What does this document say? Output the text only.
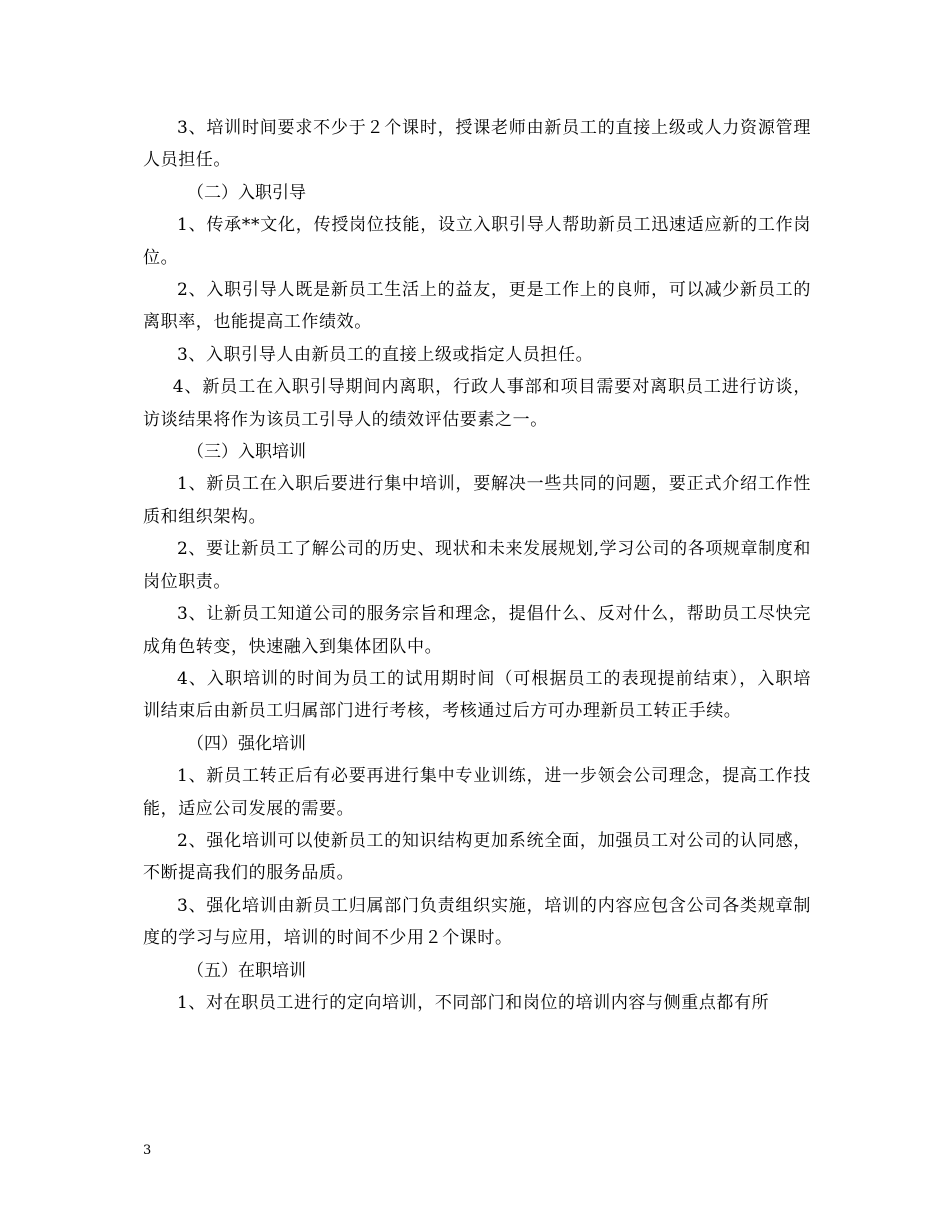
3、培训时间要求不少于２个课时，授课老师由新员工的直接上级或人力资源管理人员担任。

（二）入职引导

1、传承**文化，传授岗位技能，设立入职引导人帮助新员工迅速适应新的工作岗位。

2、入职引导人既是新员工生活上的益友，更是工作上的良师，可以减少新员工的离职率，也能提高工作绩效。

3、入职引导人由新员工的直接上级或指定人员担任。

4、新员工在入职引导期间内离职，行政人事部和项目需要对离职员工进行访谈，访谈结果将作为该员工引导人的绩效评估要素之一。

（三）入职培训

1、新员工在入职后要进行集中培训，要解决一些共同的问题，要正式介绍工作性质和组织架构。

2、要让新员工了解公司的历史、现状和未来发展规划,学习公司的各项规章制度和岗位职责。

3、让新员工知道公司的服务宗旨和理念，提倡什么、反对什么，帮助员工尽快完成角色转变，快速融入到集体团队中。

4、入职培训的时间为员工的试用期时间（可根据员工的表现提前结束），入职培训结束后由新员工归属部门进行考核，考核通过后方可办理新员工转正手续。

（四）强化培训

1、新员工转正后有必要再进行集中专业训练，进一步领会公司理念，提高工作技能，适应公司发展的需要。

2、强化培训可以使新员工的知识结构更加系统全面，加强员工对公司的认同感，不断提高我们的服务品质。

3、强化培训由新员工归属部门负责组织实施，培训的内容应包含公司各类规章制度的学习与应用，培训的时间不少用２个课时。

（五）在职培训

1、对在职员工进行的定向培训，不同部门和岗位的培训内容与侧重点都有所

3
